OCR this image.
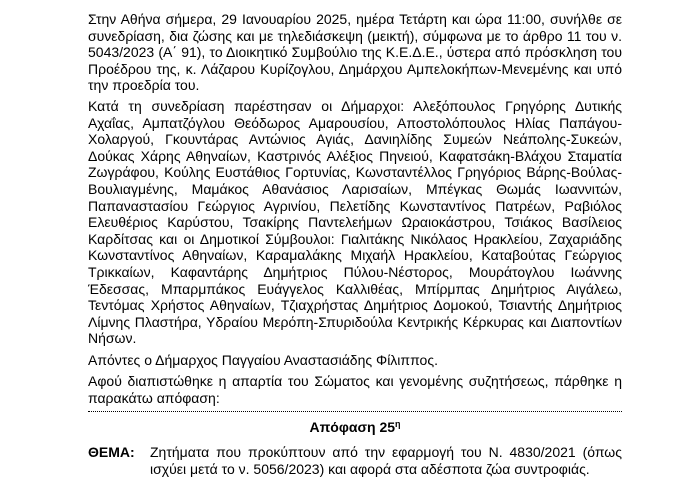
Στην Αθήνα σήμερα, 29 Ιανουαρίου 2025, ημέρα Τετάρτη και ώρα 11:00, συνήλθε σε
συνεδρίαση, δια ζώσης και με τηλεδιάσκεψη (μεικτή), σύμφωνα με το άρθρο 11 του ν.
5043/2023 (Α΄ 91), το Διοικητικό Συμβούλιο της Κ.Ε.Δ.Ε., ύστερα από πρόσκληση του
Προέδρου της, κ. Λάζαρου Κυρίζογλου, Δημάρχου Αμπελοκήπων-Μενεμένης και υπό
την προεδρία του.
Κατά τη συνεδρίαση παρέστησαν οι Δήμαρχοι: Αλεξόπουλος Γρηγόρης Δυτικής
Αχαΐας, Αμπατζόγλου Θεόδωρος Αμαρουσίου, Αποστολόπουλος Ηλίας Παπάγου-
Χολαργού, Γκουντάρας Αντώνιος Αγιάς, Δανιηλίδης Συμεών Νεάπολης-Συκεών,
Δούκας Χάρης Αθηναίων, Καστρινός Αλέξιος Πηνειού, Καφατσάκη-Βλάχου Σταματία
Ζωγράφου, Κούλης Ευστάθιος Γορτυνίας, Κωνσταντέλλος Γρηγόριος Βάρης-Βούλας-
Βουλιαγμένης, Μαμάκος Αθανάσιος Λαρισαίων, Μπέγκας Θωμάς Ιωαννιτών,
Παπαναστασίου Γεώργιος Αγρινίου, Πελετίδης Κωνσταντίνος Πατρέων, Ραβιόλος
Ελευθέριος Καρύστου, Τσακίρης Παντελεήμων Ωραιοκάστρου, Τσιάκος Βασίλειος
Καρδίτσας και οι Δημοτικοί Σύμβουλοι: Γιαλιτάκης Νικόλαος Ηρακλείου, Ζαχαριάδης
Κωνσταντίνος Αθηναίων, Καραμαλάκης Μιχαήλ Ηρακλείου, Καταβούτας Γεώργιος
Τρικκαίων, Καφαντάρης Δημήτριος Πύλου-Νέστορος, Μουράτογλου Ιωάννης
Έδεσσας, Μπαρμπάκος Ευάγγελος Καλλιθέας, Μπίρμπας Δημήτριος Αιγάλεω,
Τεντόμας Χρήστος Αθηναίων, Τζιαχρήστας Δημήτριος Δομοκού, Τσιαντής Δημήτριος
Λίμνης Πλαστήρα, Υδραίου Μερόπη-Σπυριδούλα Κεντρικής Κέρκυρας και Διαποντίων
Νήσων.
Απόντες ο Δήμαρχος Παγγαίου Αναστασιάδης Φίλιππος.
Αφού διαπιστώθηκε η απαρτία του Σώματος και γενομένης συζητήσεως, πάρθηκε η
παρακάτω απόφαση:
Απόφαση $25^\eta$
ΘΕΜΑ: Ζητήματα που προκύπτουν από την εφαρμογή του Ν. 4830/2021 (όπως
ισχύει μετά το ν. 5056/2023) και αφορά στα αδέσποτα ζώα συντροφιάς.
